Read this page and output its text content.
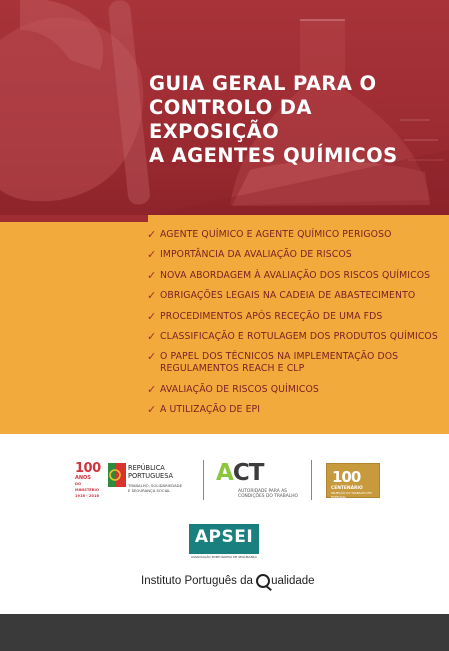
GUIA GERAL PARA O
CONTROLO DA EXPOSIÇÃO
A AGENTES QUÍMICOS
✓ AGENTE QUÍMICO E AGENTE QUÍMICO PERIGOSO
✓ IMPORTÂNCIA DA AVALIAÇÃO DE RISCOS
✓ NOVA ABORDAGEM À AVALIAÇÃO DOS RISCOS QUÍMICOS
✓ OBRIGAÇÕES LEGAIS NA CADEIA DE ABASTECIMENTO
✓ PROCEDIMENTOS APÓS RECEÇÃO DE UMA FDS
✓ CLASSIFICAÇÃO E ROTULAGEM DOS PRODUTOS QUÍMICOS
✓ O PAPEL DOS TÉCNICOS NA IMPLEMENTAÇÃO DOS REGULAMENTOS REACH E CLP
✓ AVALIAÇÃO DE RISCOS QUÍMICOS
✓ A UTILIZAÇÃO DE EPI
100
ANOS
DO MINISTÉRIO
1916 - 2016
REPÚBLICA
PORTUGUESA
TRABALHO, SOLIDARIEDADE
E SEGURANÇA SOCIAL
ACT
AUTORIDADE PARA AS
CONDIÇÕES DO TRABALHO
100
CENTENÁRIO
INSPEÇÃO DO TRABALHO EM PORTUGAL
APSEI
ASSOCIAÇÃO PORTUGUESA DE SEGURANÇA
Instituto Português da ualidade
